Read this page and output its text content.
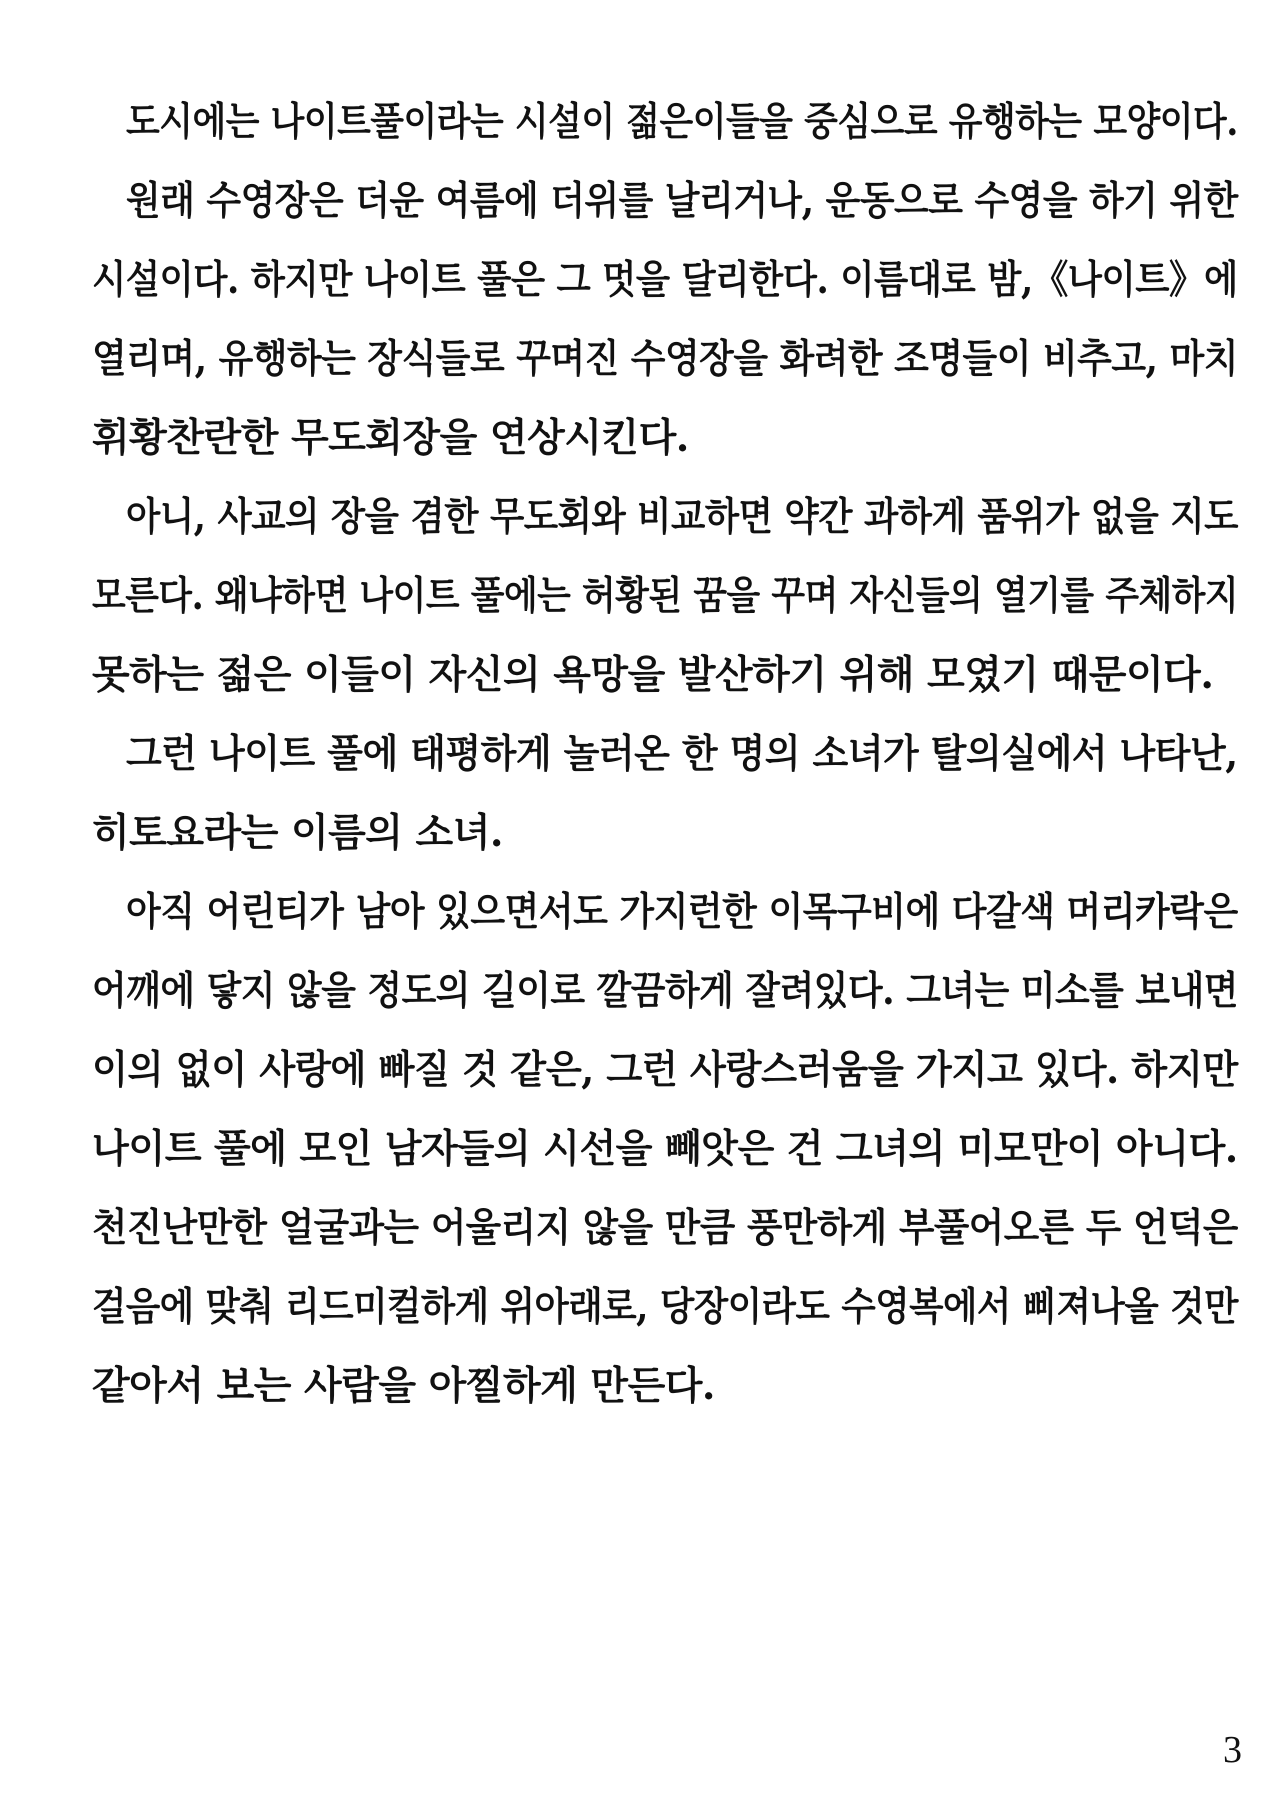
도시에는 나이트풀이라는 시설이 젊은이들을 중심으로 유행하는 모양이다.
원래 수영장은 더운 여름에 더위를 날리거나, 운동으로 수영을 하기 위한
시설이다. 하지만 나이트 풀은 그 멋을 달리한다. 이름대로 밤,《나이트》에
열리며, 유행하는 장식들로 꾸며진 수영장을 화려한 조명들이 비추고, 마치
휘황찬란한 무도회장을 연상시킨다.
아니, 사교의 장을 겸한 무도회와 비교하면 약간 과하게 품위가 없을 지도
모른다. 왜냐하면 나이트 풀에는 허황된 꿈을 꾸며 자신들의 열기를 주체하지
못하는 젊은 이들이 자신의 욕망을 발산하기 위해 모였기 때문이다.
그런 나이트 풀에 태평하게 놀러온 한 명의 소녀가 탈의실에서 나타난,
히토요라는 이름의 소녀.
아직 어린티가 남아 있으면서도 가지런한 이목구비에 다갈색 머리카락은
어깨에 닿지 않을 정도의 길이로 깔끔하게 잘려있다. 그녀는 미소를 보내면
이의 없이 사랑에 빠질 것 같은, 그런 사랑스러움을 가지고 있다. 하지만
나이트 풀에 모인 남자들의 시선을 빼앗은 건 그녀의 미모만이 아니다.
천진난만한 얼굴과는 어울리지 않을 만큼 풍만하게 부풀어오른 두 언덕은
걸음에 맞춰 리드미컬하게 위아래로, 당장이라도 수영복에서 삐져나올 것만
같아서 보는 사람을 아찔하게 만든다.
3
